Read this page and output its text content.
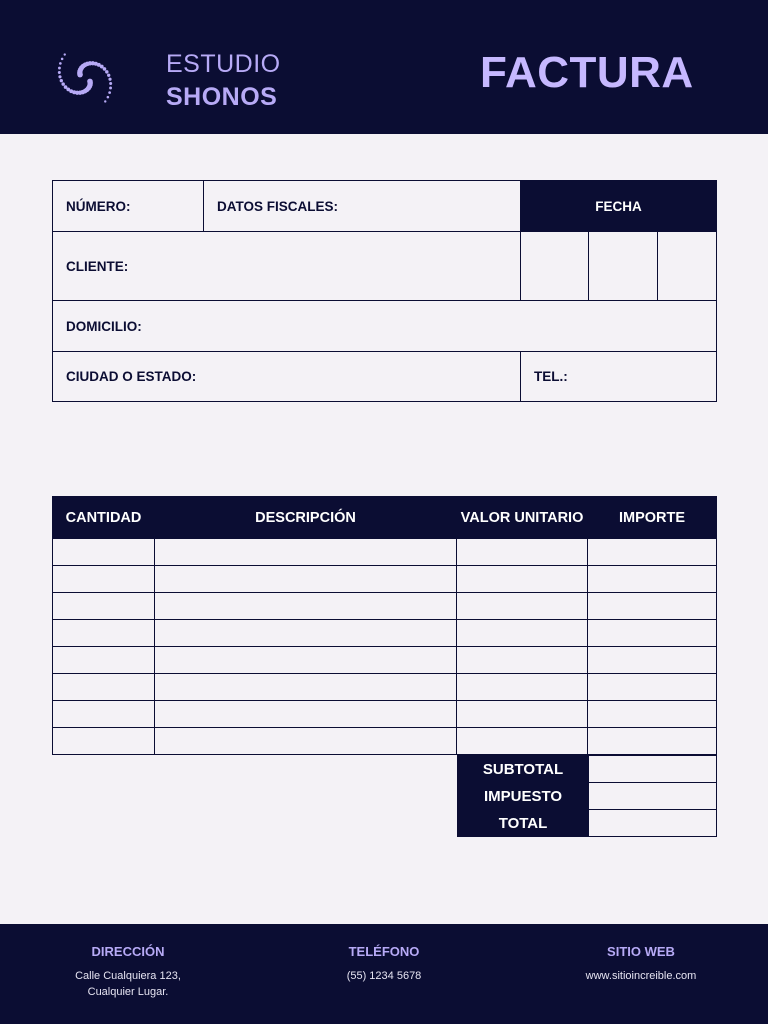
ESTUDIO
SHONOS	FACTURA
NÚMERO:	DATOS FISCALES:	FECHA		
CLIENTE:				
DOMICILIO:				
CIUDAD O ESTADO:		TEL.:		
CANTIDAD	DESCRIPCIÓN	VALOR UNITARIO	IMPORTE

SUBTOTAL	
IMPUESTO	
TOTAL	
DIRECCIÓN
Calle Cualquiera 123,
Cualquier Lugar.
TELÉFONO
(55) 1234 5678
SITIO WEB
www.sitioincreible.com
